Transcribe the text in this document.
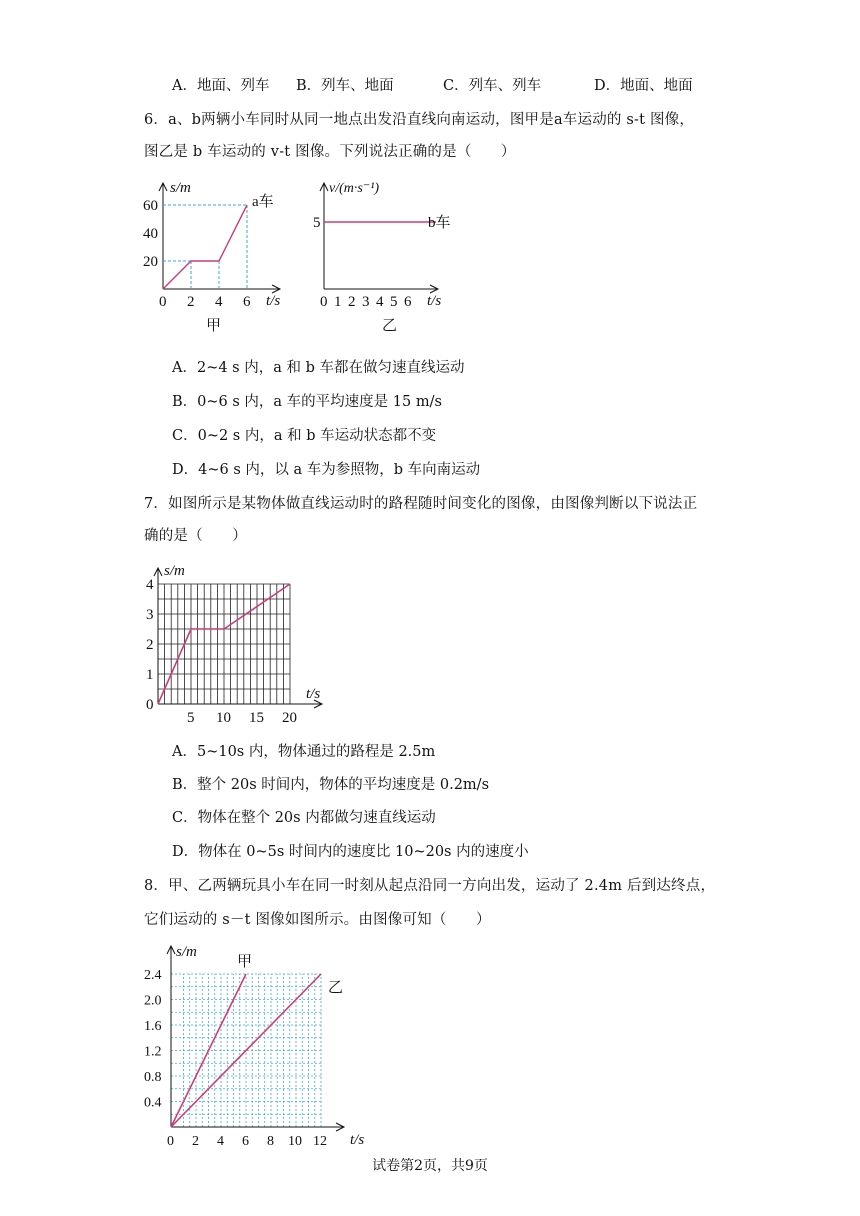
A．地面、列车 B．列车、地面	C．列车、列车	D．地面、地面
6．a、b两辆小车同时从同一地点出发沿直线向南运动，图甲是a车运动的 s-t 图像，
图乙是 b 车运动的 v-t 图像。下列说法正确的是（　　）
60
40
20
0 2 4 6
s/m
t/s
a车
甲
5
0 1 2 3 4 5 6
v/(m·s⁻¹)
t/s
b车
乙
4
3
2
1
0
5 10 15 20
s/m
t/s
2.4
2.0
1.6
1.2
0.8
0.4
0 2 4 6 8 10 12
s/m
t/s
甲
乙
A．2~4 s 内，a 和 b 车都在做匀速直线运动
B．0~6 s 内，a 车的平均速度是 15 m/s
C．0~2 s 内，a 和 b 车运动状态都不变
D．4~6 s 内，以 a 车为参照物，b 车向南运动
7．如图所示是某物体做直线运动时的路程随时间变化的图像，由图像判断以下说法正
确的是（　　）
A．5~10s 内，物体通过的路程是 2.5m
B．整个 20s 时间内，物体的平均速度是 0.2m/s
C．物体在整个 20s 内都做匀速直线运动
D．物体在 0~5s 时间内的速度比 10~20s 内的速度小
8．甲、乙两辆玩具小车在同一时刻从起点沿同一方向出发，运动了 2.4m 后到达终点，
它们运动的 s－t 图像如图所示。由图像可知（　　）
试卷第2页，共9页
